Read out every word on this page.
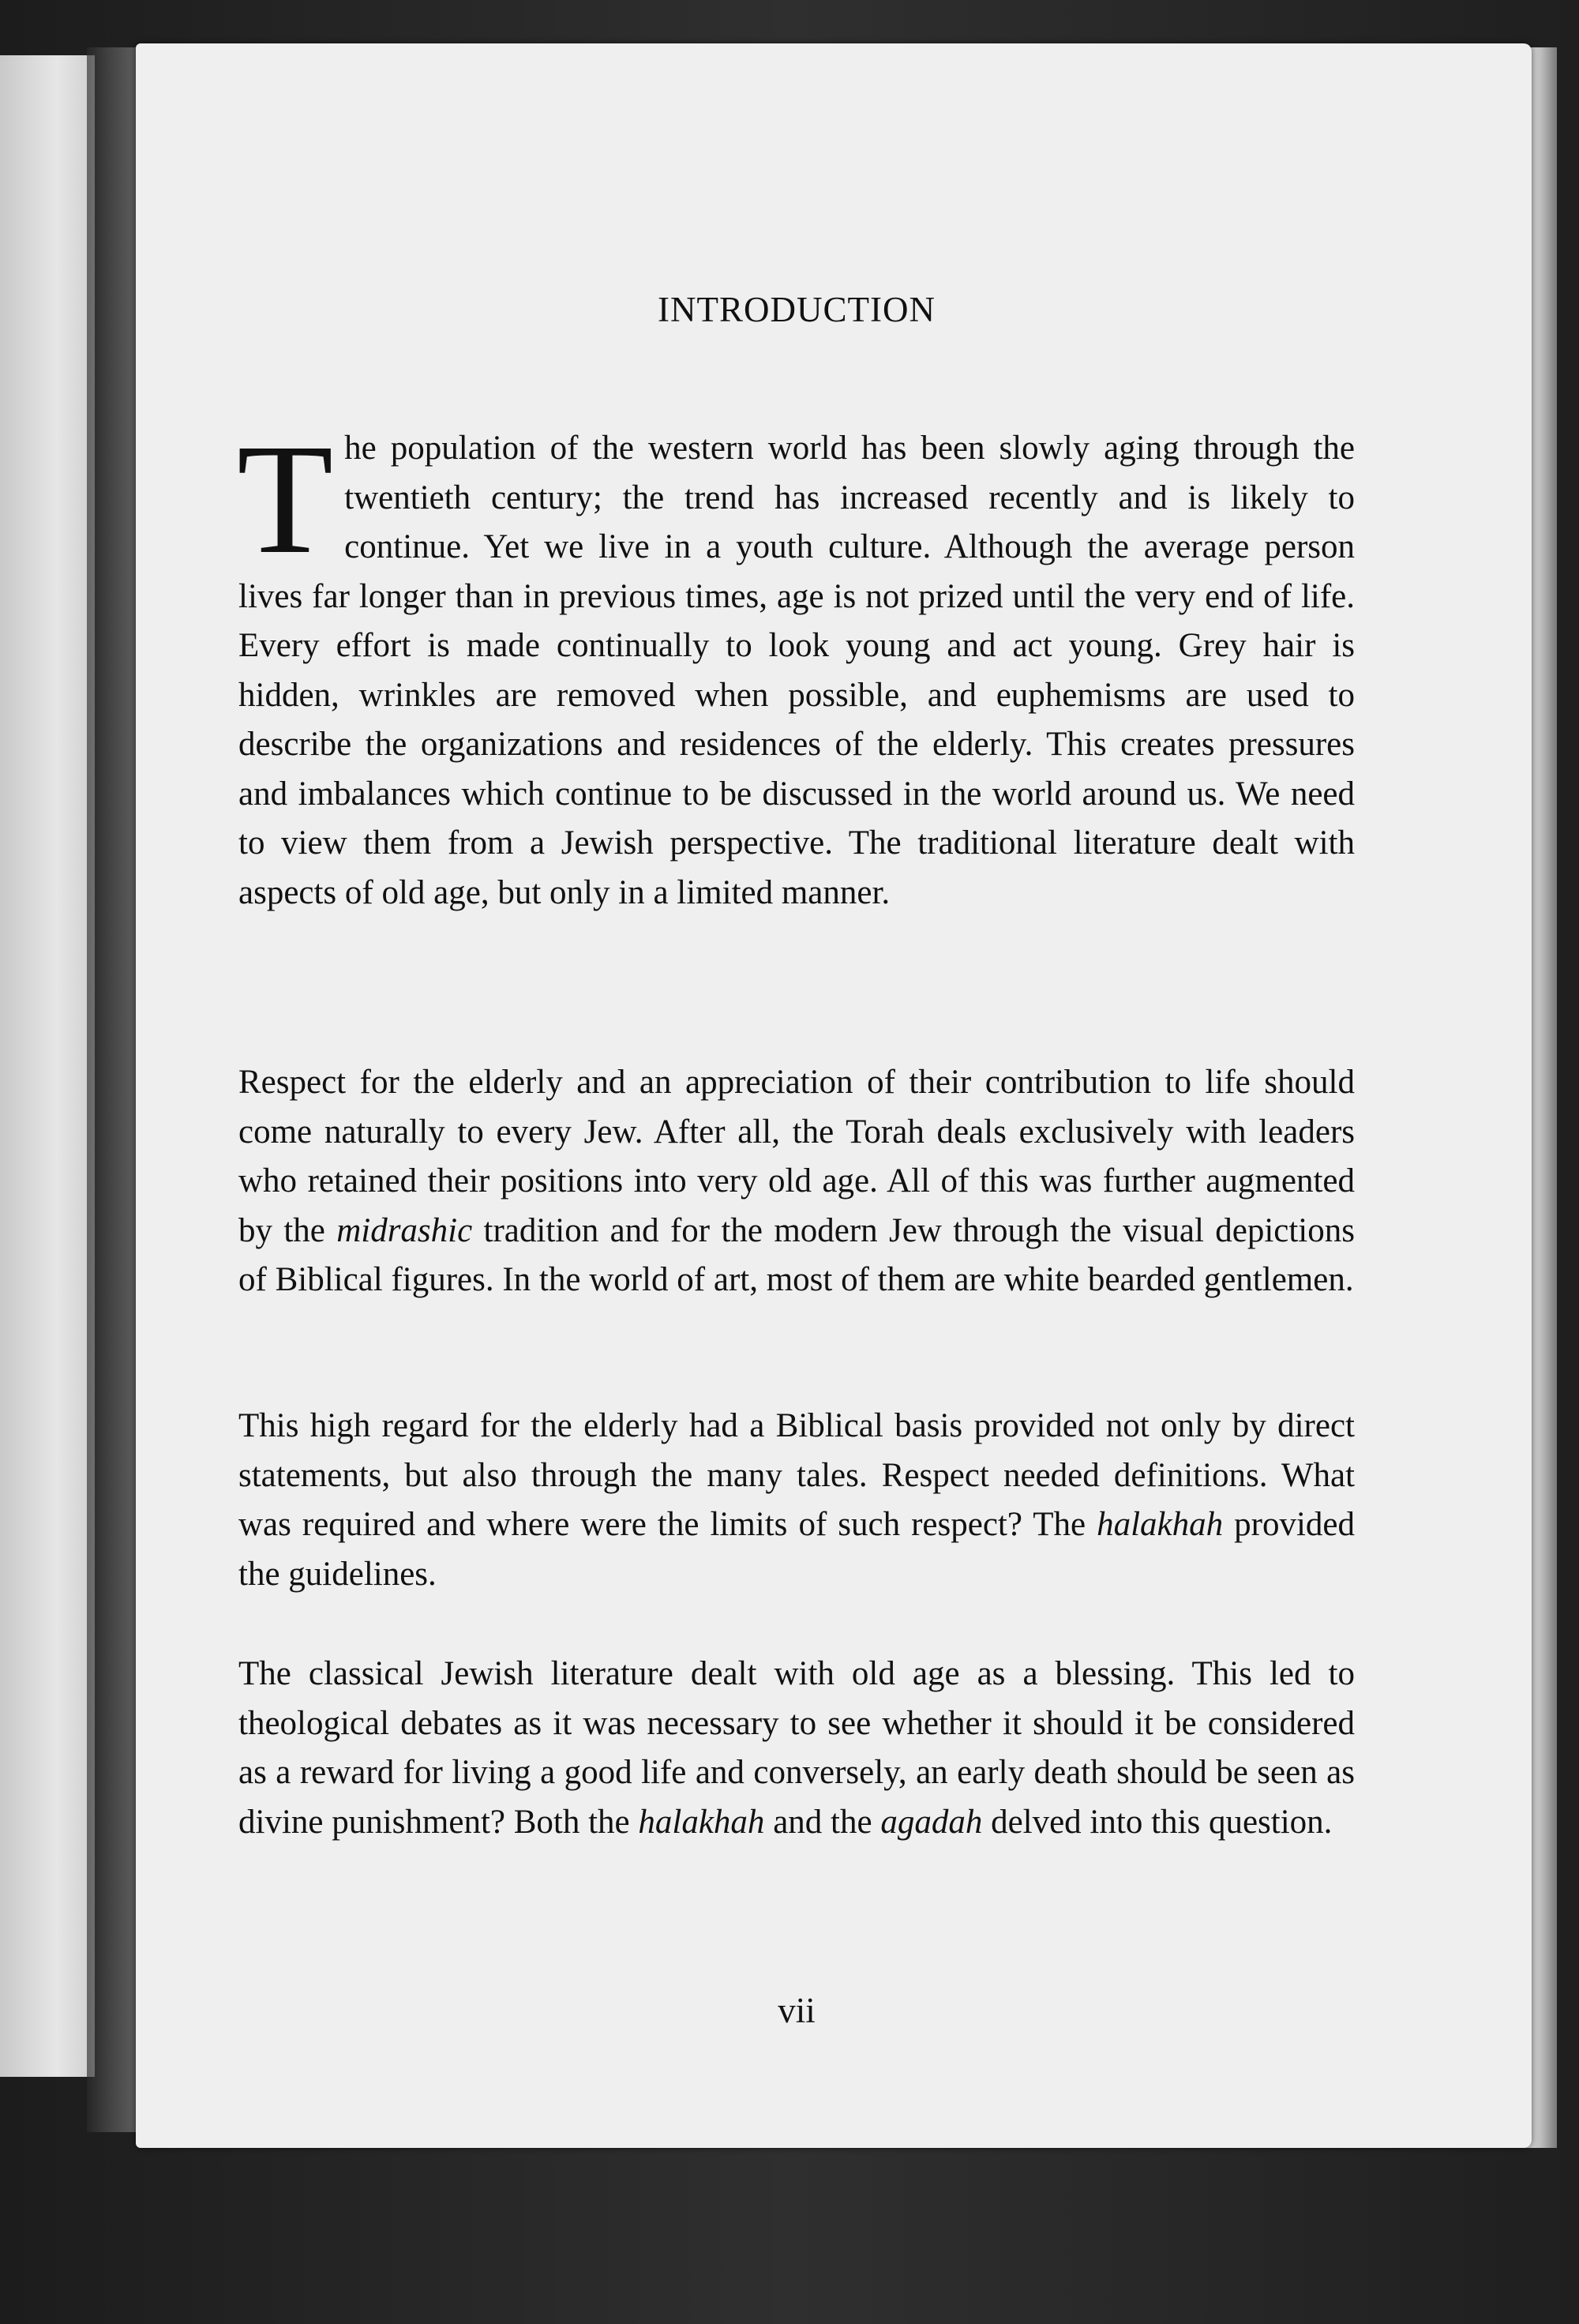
INTRODUCTION

The population of the western world has been slowly aging through the twentieth century; the trend has increased recently and is likely to continue. Yet we live in a youth culture. Although the average person lives far longer than in previous times, age is not prized until the very end of life. Every effort is made continually to look young and act young. Grey hair is hidden, wrinkles are removed when possible, and euphemisms are used to describe the organizations and residences of the elderly. This creates pressures and imbalances which continue to be discussed in the world around us. We need to view them from a Jewish perspective. The traditional literature dealt with aspects of old age, but only in a limited manner.

Respect for the elderly and an appreciation of their contribution to life should come naturally to every Jew. After all, the Torah deals exclusively with leaders who retained their positions into very old age. All of this was further augmented by the midrashic tradition and for the modern Jew through the visual depictions of Biblical figures. In the world of art, most of them are white bearded gentlemen.

This high regard for the elderly had a Biblical basis provided not only by direct statements, but also through the many tales. Respect needed definitions. What was required and where were the limits of such respect? The halakhah provided the guidelines.

The classical Jewish literature dealt with old age as a blessing. This led to theological debates as it was necessary to see whether it should it be considered as a reward for living a good life and conversely, an early death should be seen as divine punishment? Both the halakhah and the agadah delved into this question.

vii
